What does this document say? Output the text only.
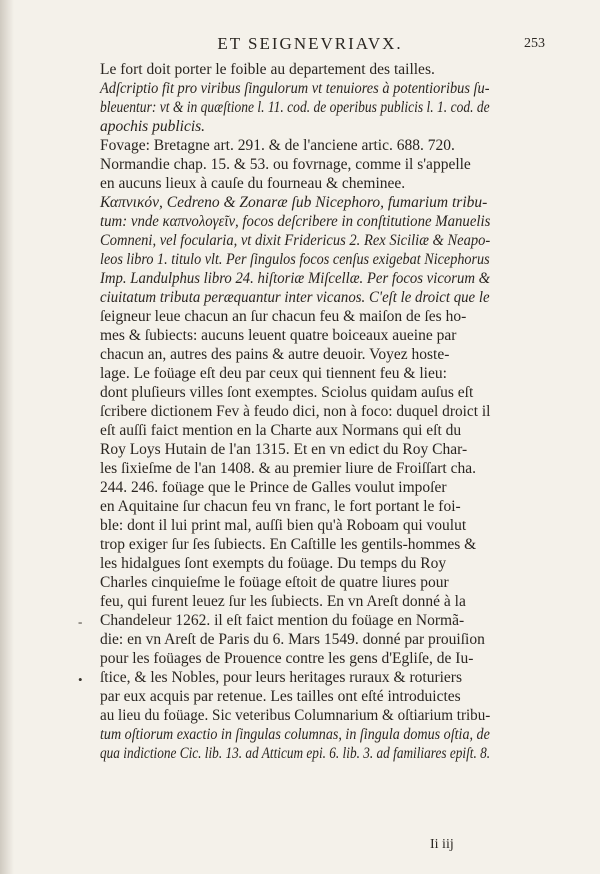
ET SEIGNEVRIAVX.	253
Le fort doit porter le foible au departement des tailles.
Adſcriptio fit pro viribus ſingulorum vt tenuiores à potentioribus ſu-
bleuentur: vt & in quæſtione l. 11. cod. de operibus publicis l. 1. cod. de
apochis publicis.
Fovage: Bretagne art. 291. & de l'anciene artic. 688. 720.
Normandie chap. 15. & 53. ou fovrnage, comme il s'appelle
en aucuns lieux à cauſe du fourneau & cheminee.
Καπνικόν, Cedreno & Zonaræ ſub Nicephoro, fumarium tribu-
tum: vnde καπνολογεῖν, focos deſcribere in conſtitutione Manuelis
Comneni, vel focularia, vt dixit Fridericus 2. Rex Siciliæ & Neapo-
leos libro 1. titulo vlt. Per ſingulos focos cenſus exigebat Nicephorus
Imp. Landulphus libro 24. hiſtoriæ Miſcellæ. Per focos vicorum &
ciuitatum tributa peræquantur inter vicanos. C'eſt le droict que le
ſeigneur leue chacun an ſur chacun feu & maiſon de ſes ho-
mes & ſubiects: aucuns leuent quatre boiceaux aueine par
chacun an, autres des pains & autre deuoir. Voyez hoste-
lage. Le foüage eſt deu par ceux qui tiennent feu & lieu:
dont pluſieurs villes ſont exemptes. Sciolus quidam auſus eſt
ſcribere dictionem Fev à feudo dici, non à foco: duquel droict il
eſt auſſi faict mention en la Charte aux Normans qui eſt du
Roy Loys Hutain de l'an 1315. Et en vn edict du Roy Char-
les ſixieſme de l'an 1408. & au premier liure de Froiſſart cha.
244. 246. foüage que le Prince de Galles voulut impoſer
en Aquitaine ſur chacun feu vn franc, le fort portant le foi-
ble: dont il lui print mal, auſſi bien qu'à Roboam qui voulut
trop exiger ſur ſes ſubiects. En Caſtille les gentils-hommes &
les hidalgues ſont exempts du foüage. Du temps du Roy
Charles cinquieſme le foüage eſtoit de quatre liures pour
feu, qui furent leuez ſur les ſubiects. En vn Areſt donné à la
Chandeleur 1262. il eſt faict mention du foüage en Normã-
die: en vn Areſt de Paris du 6. Mars 1549. donné par prouiſion
pour les foüages de Prouence contre les gens d'Egliſe, de Iu-
ſtice, & les Nobles, pour leurs heritages ruraux & roturiers
par eux acquis par retenue. Les tailles ont eſté introduictes
au lieu du foüage. Sic veteribus Columnarium & oſtiarium tribu-
tum oſtiorum exactio in ſingulas columnas, in ſingula domus oſtia, de
qua indictione Cic. lib. 13. ad Atticum epi. 6. lib. 3. ad familiares epiſt. 8.
-
•
Ii iij
